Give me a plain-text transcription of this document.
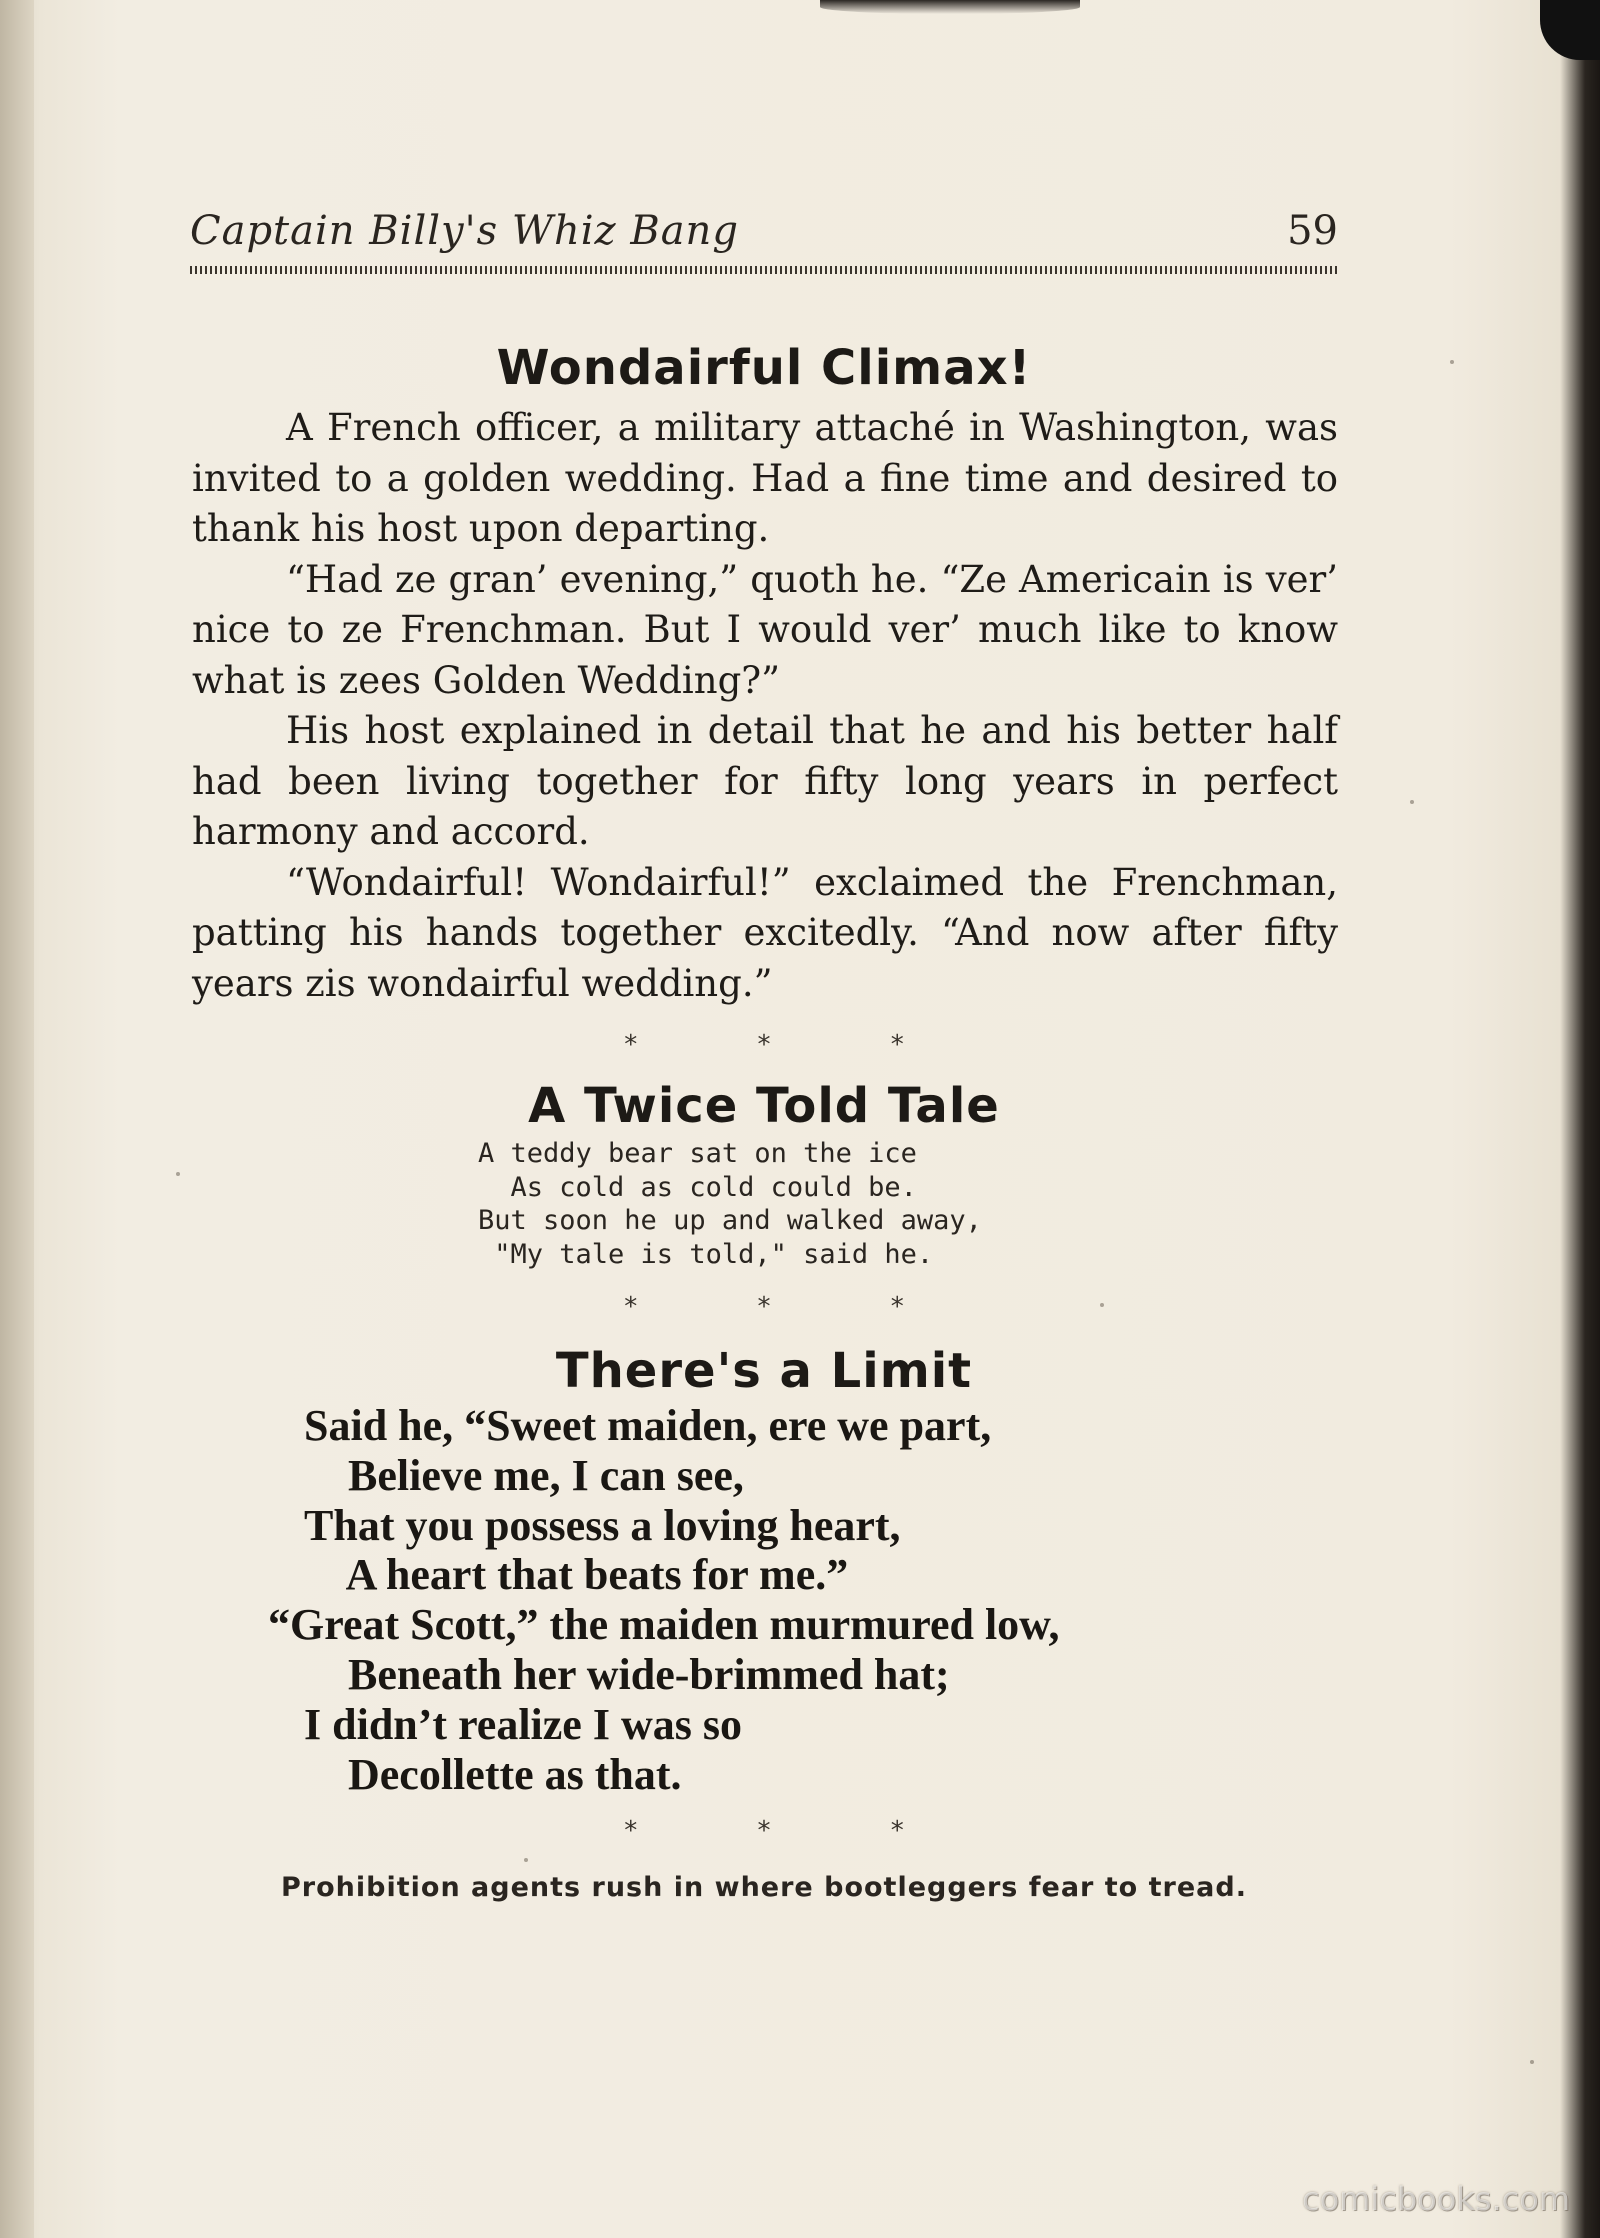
Captain Billy's Whiz Bang	59
Wondairful Climax!

A French officer, a military attaché in Washington, was invited to a golden wedding. Had a fine time and desired to thank his host upon departing.

“Had ze gran’ evening,” quoth he. “Ze Americain is ver’ nice to ze Frenchman. But I would ver’ much like to know what is zees Golden Wedding?”

His host explained in detail that he and his better half had been living together for fifty long years in perfect harmony and accord.

“Wondairful! Wondairful!” exclaimed the Frenchman, patting his hands together excitedly. “And now after fifty years zis wondairful wedding.”

* * *
A Twice Told Tale
A teddy bear sat on the ice
As cold as cold could be.
But soon he up and walked away,
"My tale is told," said he.
* * *
There's a Limit
Said he, “Sweet maiden, ere we part,
Believe me, I can see,
That you possess a loving heart,
A heart that beats for me.”
“Great Scott,” the maiden murmured low,
Beneath her wide-brimmed hat;
I didn’t realize I was so
Decollette as that.
* * *

Prohibition agents rush in where bootleggers fear to tread.

comicbooks.com
